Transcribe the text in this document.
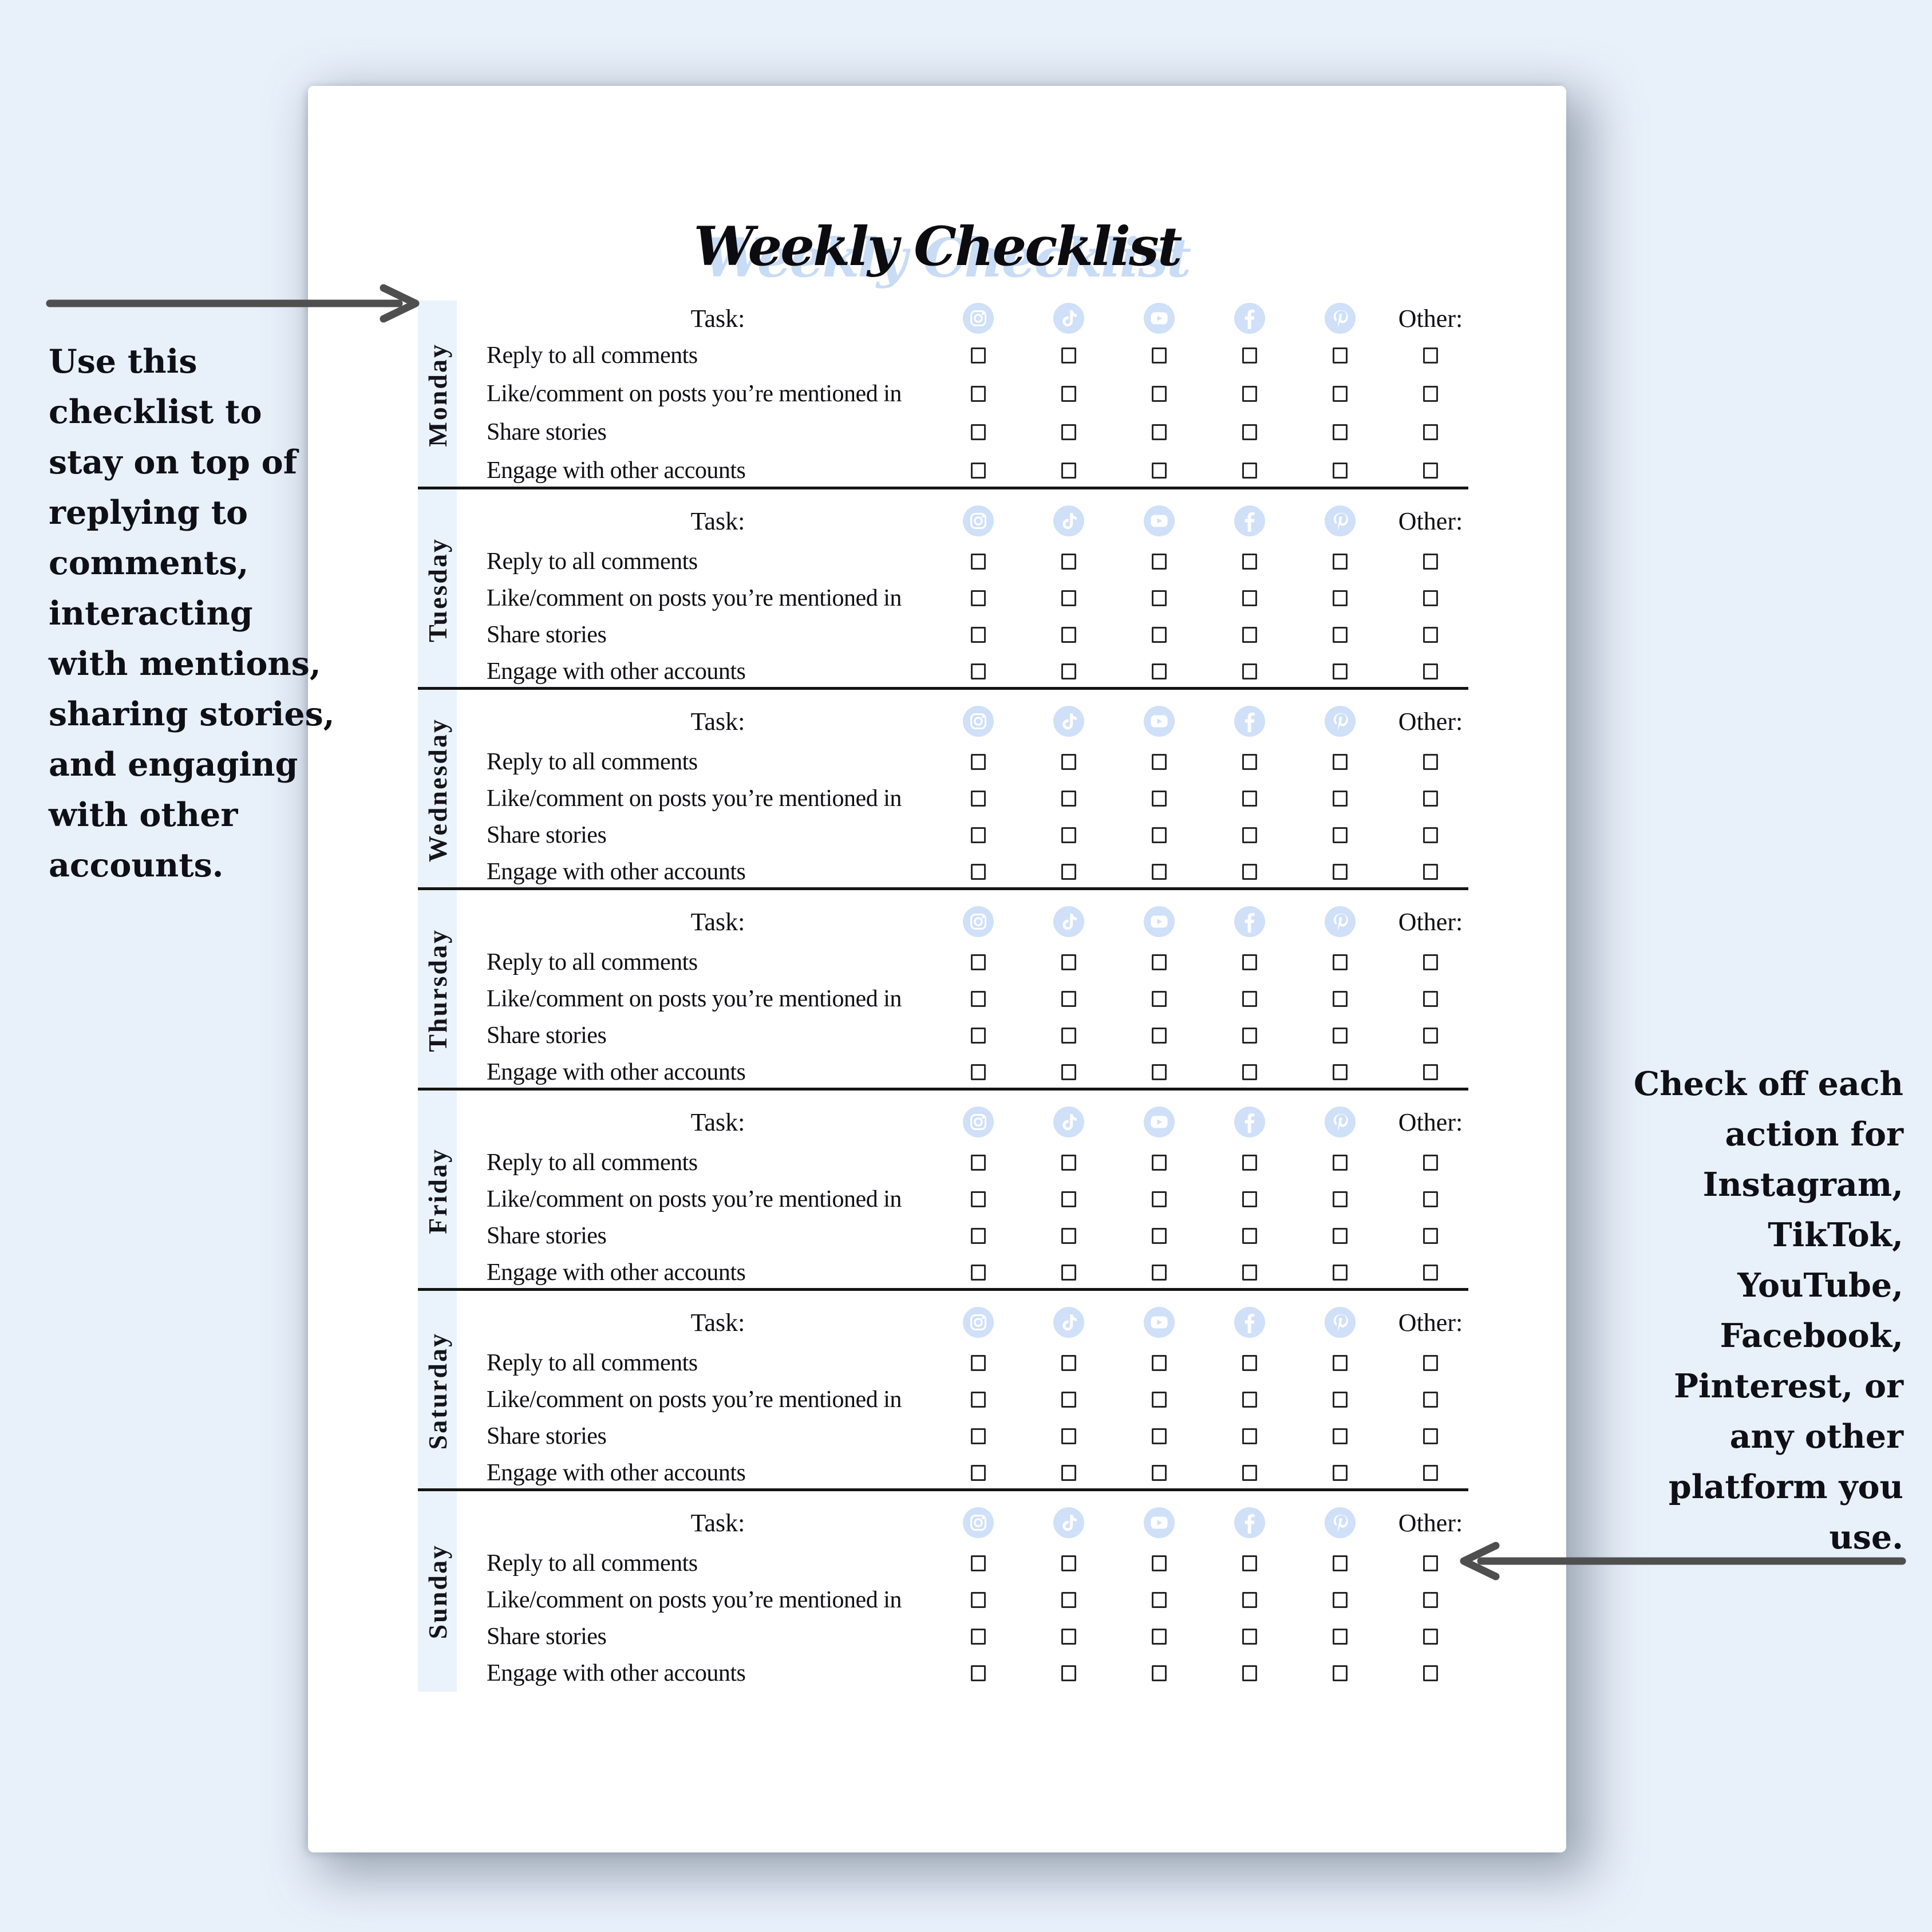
Weekly Checklist
Monday
Task:	Other:
Reply to all comments
Like/comment on posts you’re mentioned in
Share stories
Engage with other accounts
Tuesday
Task:	Other:
Reply to all comments
Like/comment on posts you’re mentioned in
Share stories
Engage with other accounts
Wednesday	Task:	Other:
Reply to all comments
Like/comment on posts you’re mentioned in
Share stories
Engage with other accounts
Thursday
Task:	Other:
Reply to all comments
Like/comment on posts you’re mentioned in
Share stories
Engage with other accounts
Friday
Task:	Other:
Reply to all comments
Like/comment on posts you’re mentioned in
Share stories
Engage with other accounts
Saturday
Task:	Other:
Reply to all comments
Like/comment on posts you’re mentioned in
Share stories
Engage with other accounts
Sunday
Task:	Other:
Reply to all comments
Like/comment on posts you’re mentioned in
Share stories
Engage with other accounts
Use this
checklist to
stay on top of
replying to
comments,
interacting
with mentions,
sharing stories,
and engaging
with other
accounts.
Check off each
action for
Instagram,
TikTok,
YouTube,
Facebook,
Pinterest, or
any other
platform you
use.
